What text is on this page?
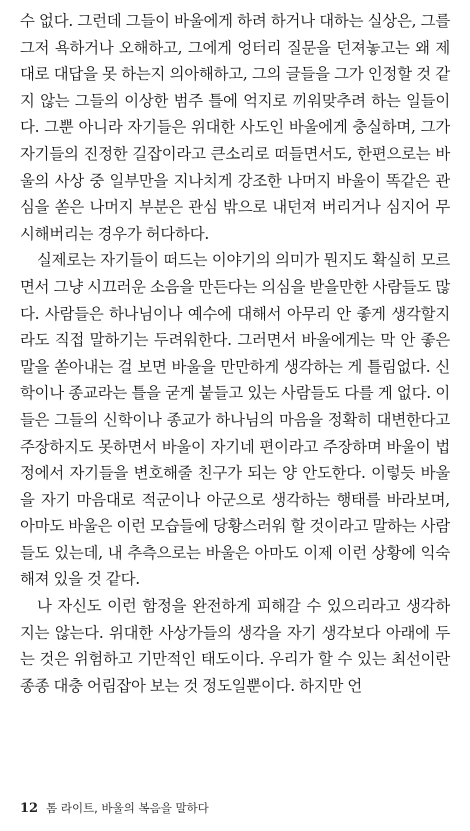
수 없다. 그런데 그들이 바울에게 하려 하거나 대하는 실상은, 그를 그저 욕하거나 오해하고, 그에게 엉터리 질문을 던져놓고는 왜 제대로 대답을 못 하는지 의아해하고, 그의 글들을 그가 인정할 것 같지 않는 그들의 이상한 범주 틀에 억지로 끼워맞추려 하는 일들이다. 그뿐 아니라 자기들은 위대한 사도인 바울에게 충실하며, 그가 자기들의 진정한 길잡이라고 큰소리로 떠들면서도, 한편으로는 바울의 사상 중 일부만을 지나치게 강조한 나머지 바울이 똑같은 관심을 쏟은 나머지 부분은 관심 밖으로 내던져 버리거나 심지어 무시해버리는 경우가 허다하다.

실제로는 자기들이 떠드는 이야기의 의미가 뭔지도 확실히 모르면서 그냥 시끄러운 소음을 만든다는 의심을 받을만한 사람들도 많다. 사람들은 하나님이나 예수에 대해서 아무리 안 좋게 생각할지라도 직접 말하기는 두려워한다. 그러면서 바울에게는 막 안 좋은 말을 쏟아내는 걸 보면 바울을 만만하게 생각하는 게 틀림없다. 신학이나 종교라는 틀을 굳게 붙들고 있는 사람들도 다를 게 없다. 이들은 그들의 신학이나 종교가 하나님의 마음을 정확히 대변한다고 주장하지도 못하면서 바울이 자기네 편이라고 주장하며 바울이 법정에서 자기들을 변호해줄 친구가 되는 양 안도한다. 이렇듯 바울을 자기 마음대로 적군이나 아군으로 생각하는 행태를 바라보며, 아마도 바울은 이런 모습들에 당황스러워 할 것이라고 말하는 사람들도 있는데, 내 추측으로는 바울은 아마도 이제 이런 상황에 익숙해져 있을 것 같다.

나 자신도 이런 함정을 완전하게 피해갈 수 있으리라고 생각하지는 않는다. 위대한 사상가들의 생각을 자기 생각보다 아래에 두는 것은 위험하고 기만적인 태도이다. 우리가 할 수 있는 최선이란 종종 대충 어림잡아 보는 것 정도일뿐이다. 하지만 언

12 톰 라이트, 바울의 복음을 말하다
